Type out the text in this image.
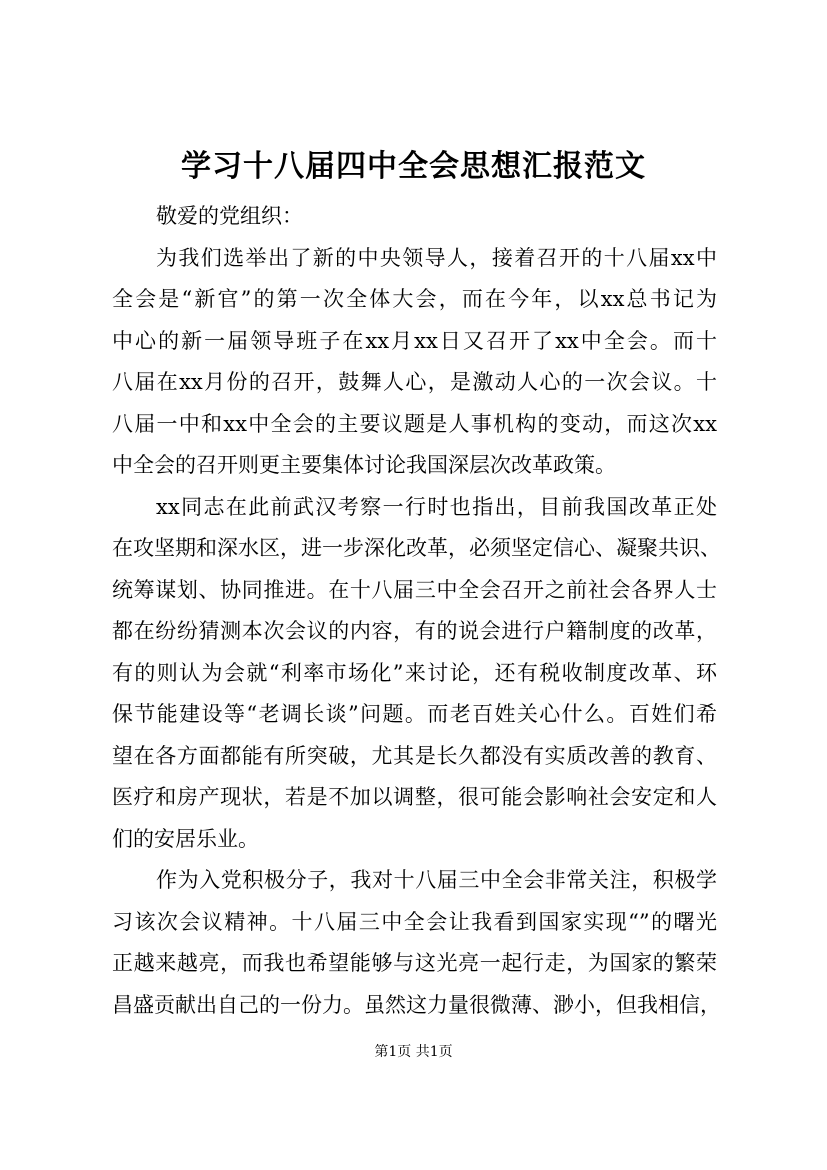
学习十八届四中全会思想汇报范文
敬爱的党组织：
为我们选举出了新的中央领导人，接着召开的十八届xx中
全会是“新官”的第一次全体大会，而在今年，以xx总书记为
中心的新一届领导班子在xx月xx日又召开了xx中全会。而十
八届在xx月份的召开，鼓舞人心，是激动人心的一次会议。十
八届一中和xx中全会的主要议题是人事机构的变动，而这次xx
中全会的召开则更主要集体讨论我国深层次改革政策。
xx同志在此前武汉考察一行时也指出，目前我国改革正处
在攻坚期和深水区，进一步深化改革，必须坚定信心、凝聚共识、
统筹谋划、协同推进。在十八届三中全会召开之前社会各界人士
都在纷纷猜测本次会议的内容，有的说会进行户籍制度的改革，
有的则认为会就“利率市场化”来讨论，还有税收制度改革、环
保节能建设等“老调长谈”问题。而老百姓关心什么。百姓们希
望在各方面都能有所突破，尤其是长久都没有实质改善的教育、
医疗和房产现状，若是不加以调整，很可能会影响社会安定和人
们的安居乐业。
作为入党积极分子，我对十八届三中全会非常关注，积极学
习该次会议精神。十八届三中全会让我看到国家实现“”的曙光
正越来越亮，而我也希望能够与这光亮一起行走，为国家的繁荣
昌盛贡献出自己的一份力。虽然这力量很微薄、渺小，但我相信，
第1页 共1页
